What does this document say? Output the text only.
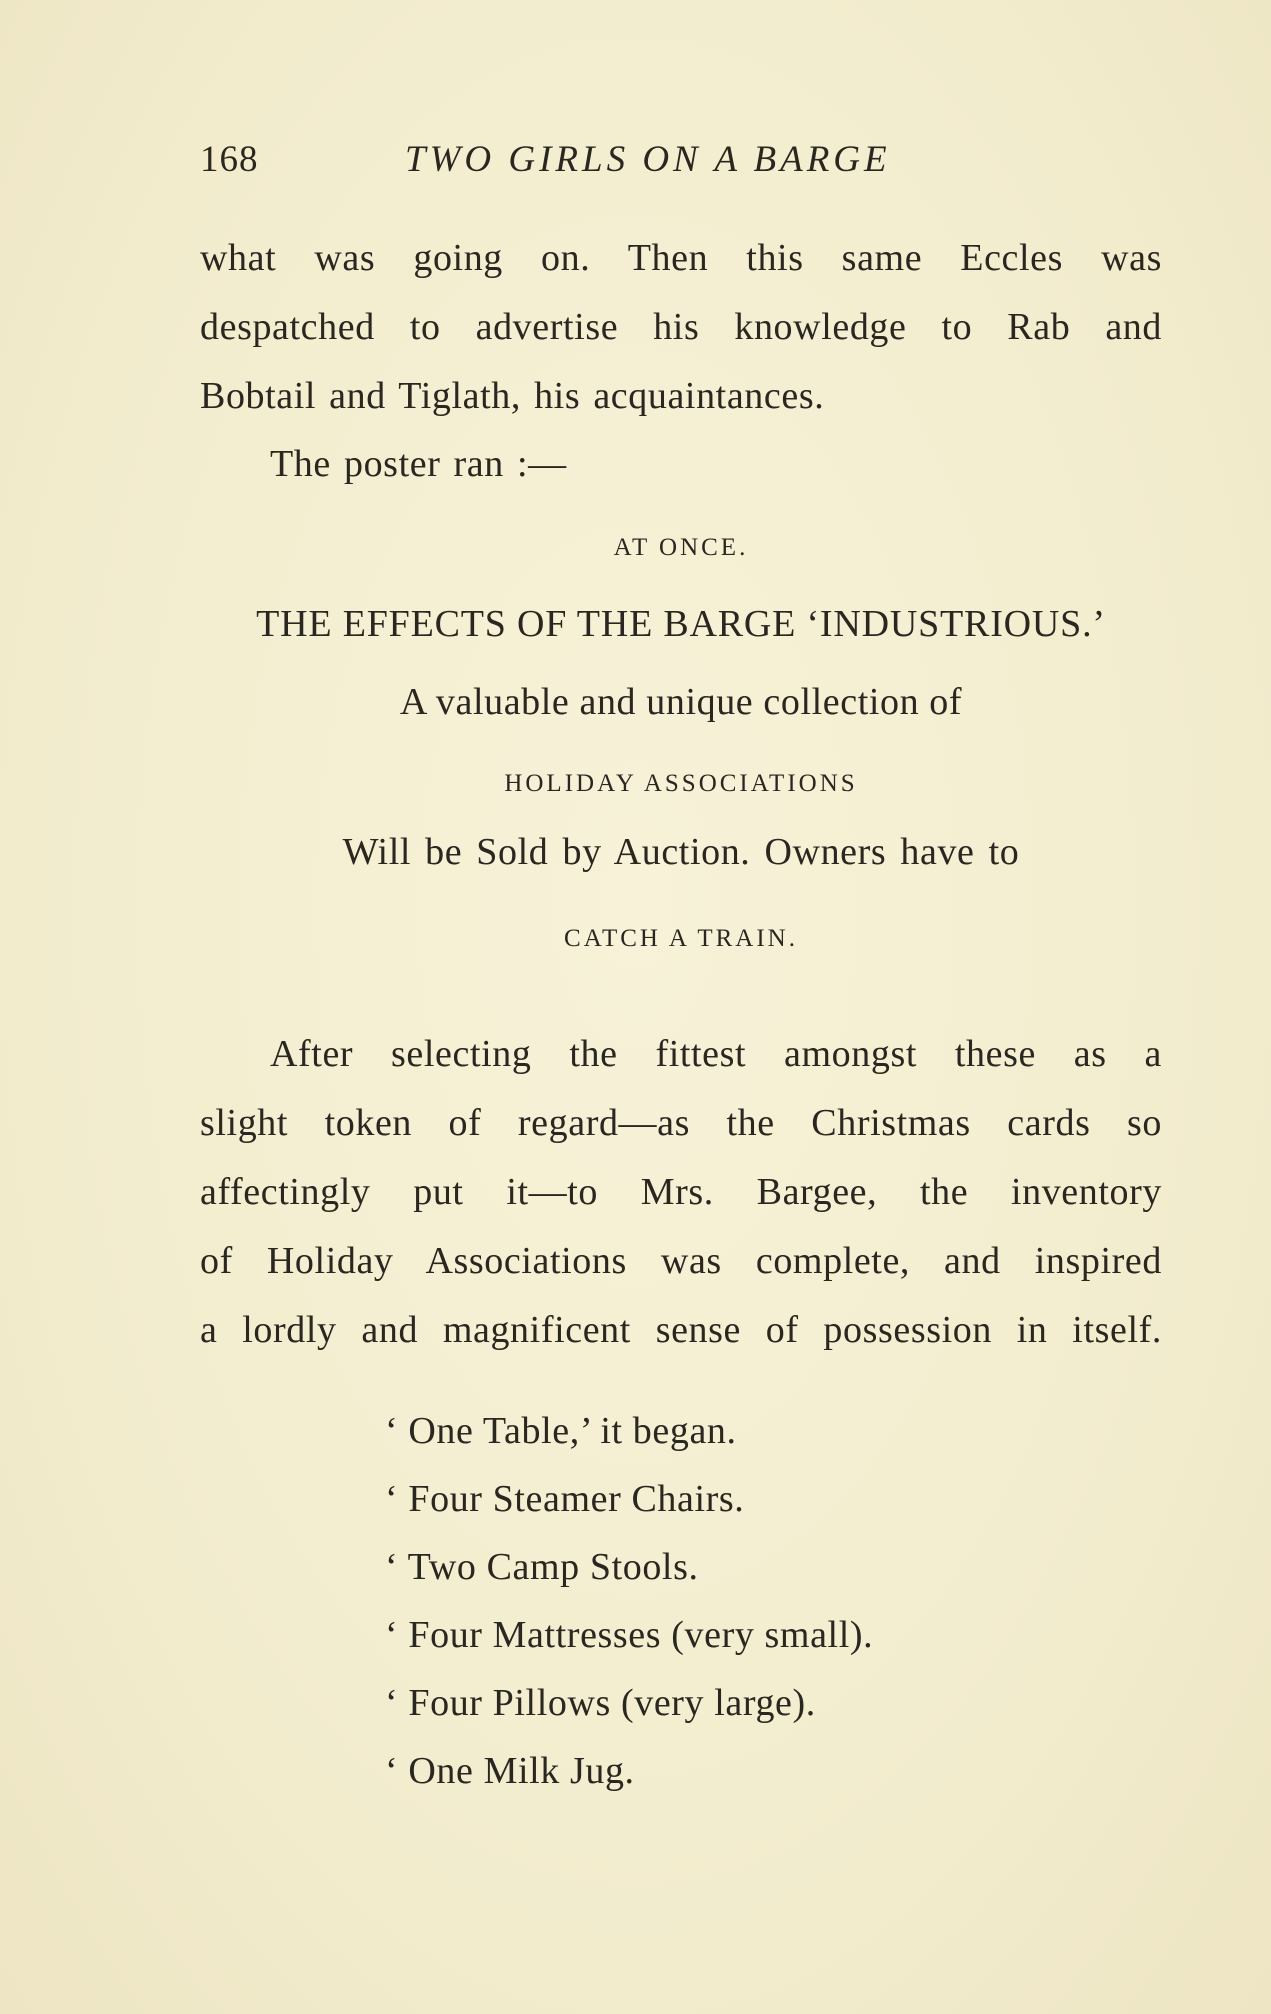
168	TWO GIRLS ON A BARGE
what was going on. Then this same Eccles was
despatched to advertise his knowledge to Rab and
Bobtail and Tiglath, his acquaintances.
The poster ran :—
AT ONCE.
THE EFFECTS OF THE BARGE ‘INDUSTRIOUS.’
A valuable and unique collection of
HOLIDAY ASSOCIATIONS
Will be Sold by Auction. Owners have to
CATCH A TRAIN.
After selecting the fittest amongst these as a
slight token of regard—as the Christmas cards so
affectingly put it—to Mrs. Bargee, the inventory
of Holiday Associations was complete, and inspired
a lordly and magnificent sense of possession in itself.
‘ One Table,’ it began.
‘ Four Steamer Chairs.
‘ Two Camp Stools.
‘ Four Mattresses (very small).
‘ Four Pillows (very large).
‘ One Milk Jug.
